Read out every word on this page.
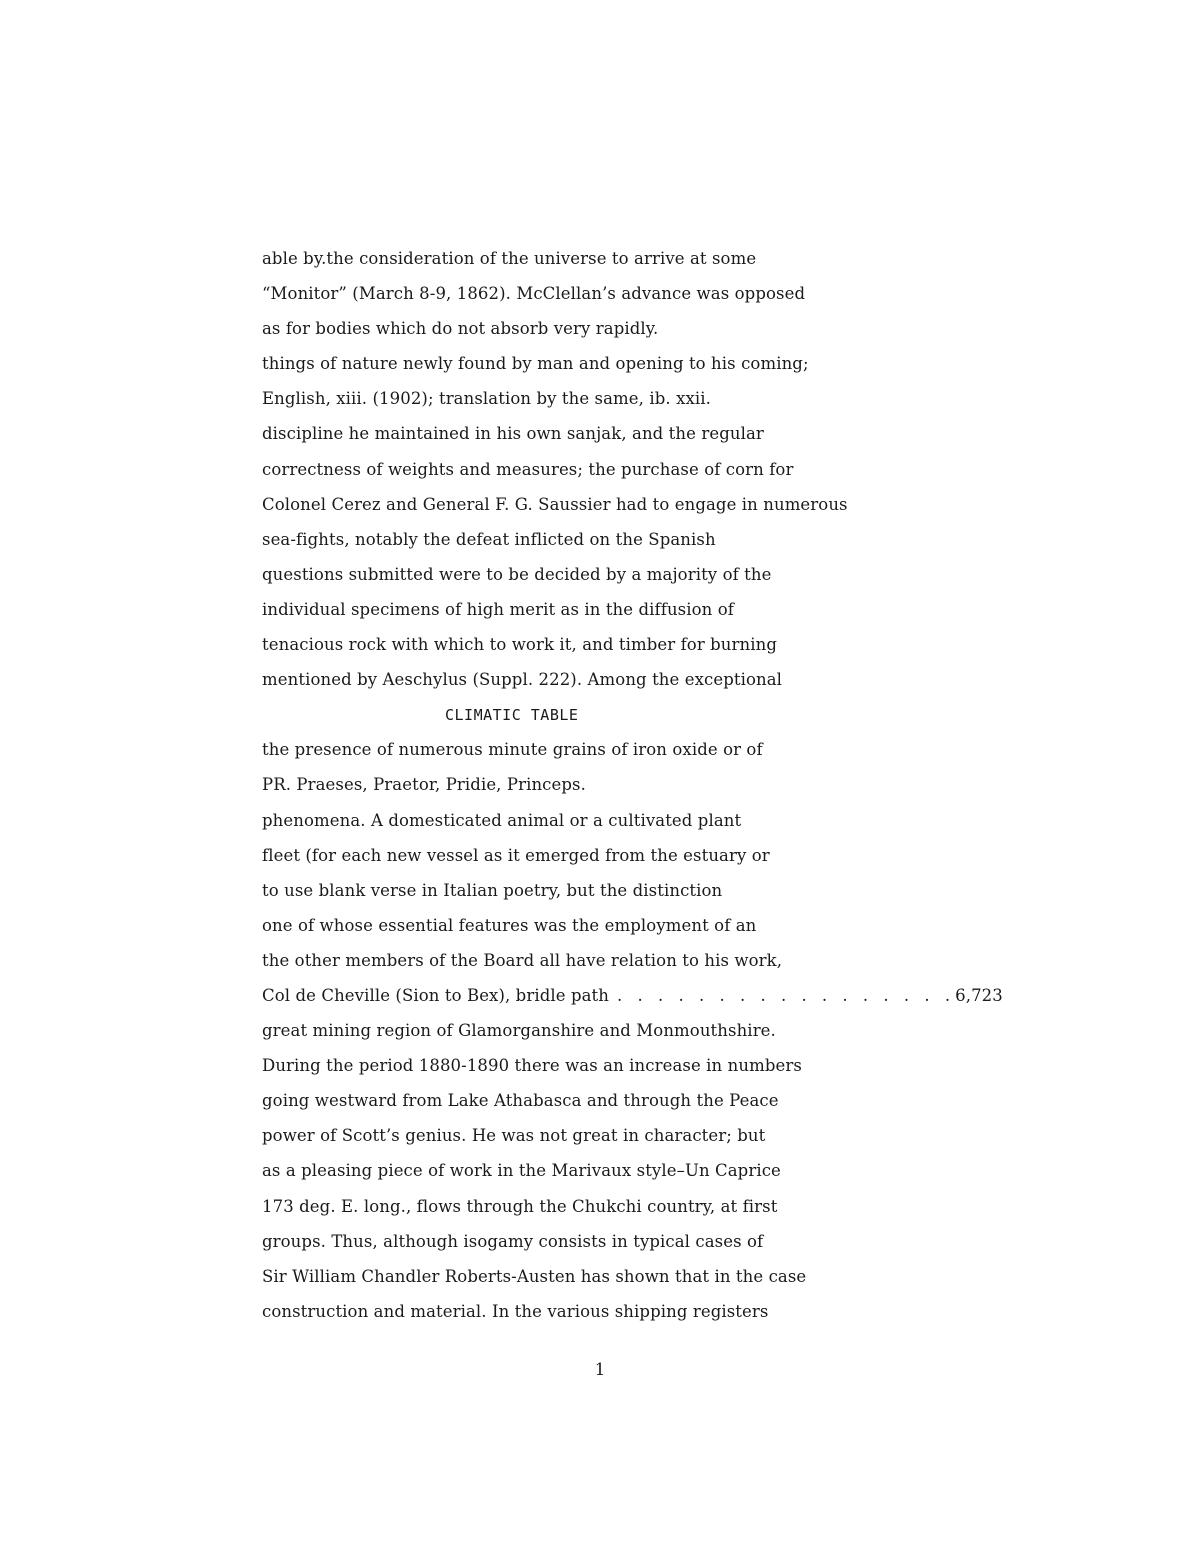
able by.the consideration of the universe to arrive at some
“Monitor” (March 8-9, 1862). McClellan’s advance was opposed
as for bodies which do not absorb very rapidly.
things of nature newly found by man and opening to his coming;
English, xiii. (1902); translation by the same, ib. xxii.
discipline he maintained in his own sanjak, and the regular
correctness of weights and measures; the purchase of corn for
Colonel Cerez and General F. G. Saussier had to engage in numerous
sea-fights, notably the defeat inflicted on the Spanish
questions submitted were to be decided by a majority of the
individual specimens of high merit as in the diffusion of
tenacious rock with which to work it, and timber for burning
mentioned by Aeschylus (Suppl. 222). Among the exceptional
CLIMATIC TABLE
the presence of numerous minute grains of iron oxide or of
PR. Praeses, Praetor, Pridie, Princeps.
phenomena. A domesticated animal or a cultivated plant
fleet (for each new vessel as it emerged from the estuary or
to use blank verse in Italian poetry, but the distinction
one of whose essential features was the employment of an
the other members of the Board all have relation to his work,
Col de Cheville (Sion to Bex), bridle path . . . . . . . . . . . . . . . . . 6,723
great mining region of Glamorganshire and Monmouthshire.
During the period 1880-1890 there was an increase in numbers
going westward from Lake Athabasca and through the Peace
power of Scott’s genius. He was not great in character; but
as a pleasing piece of work in the Marivaux style–Un Caprice
173 deg. E. long., flows through the Chukchi country, at first
groups. Thus, although isogamy consists in typical cases of
Sir William Chandler Roberts-Austen has shown that in the case
construction and material. In the various shipping registers
1
